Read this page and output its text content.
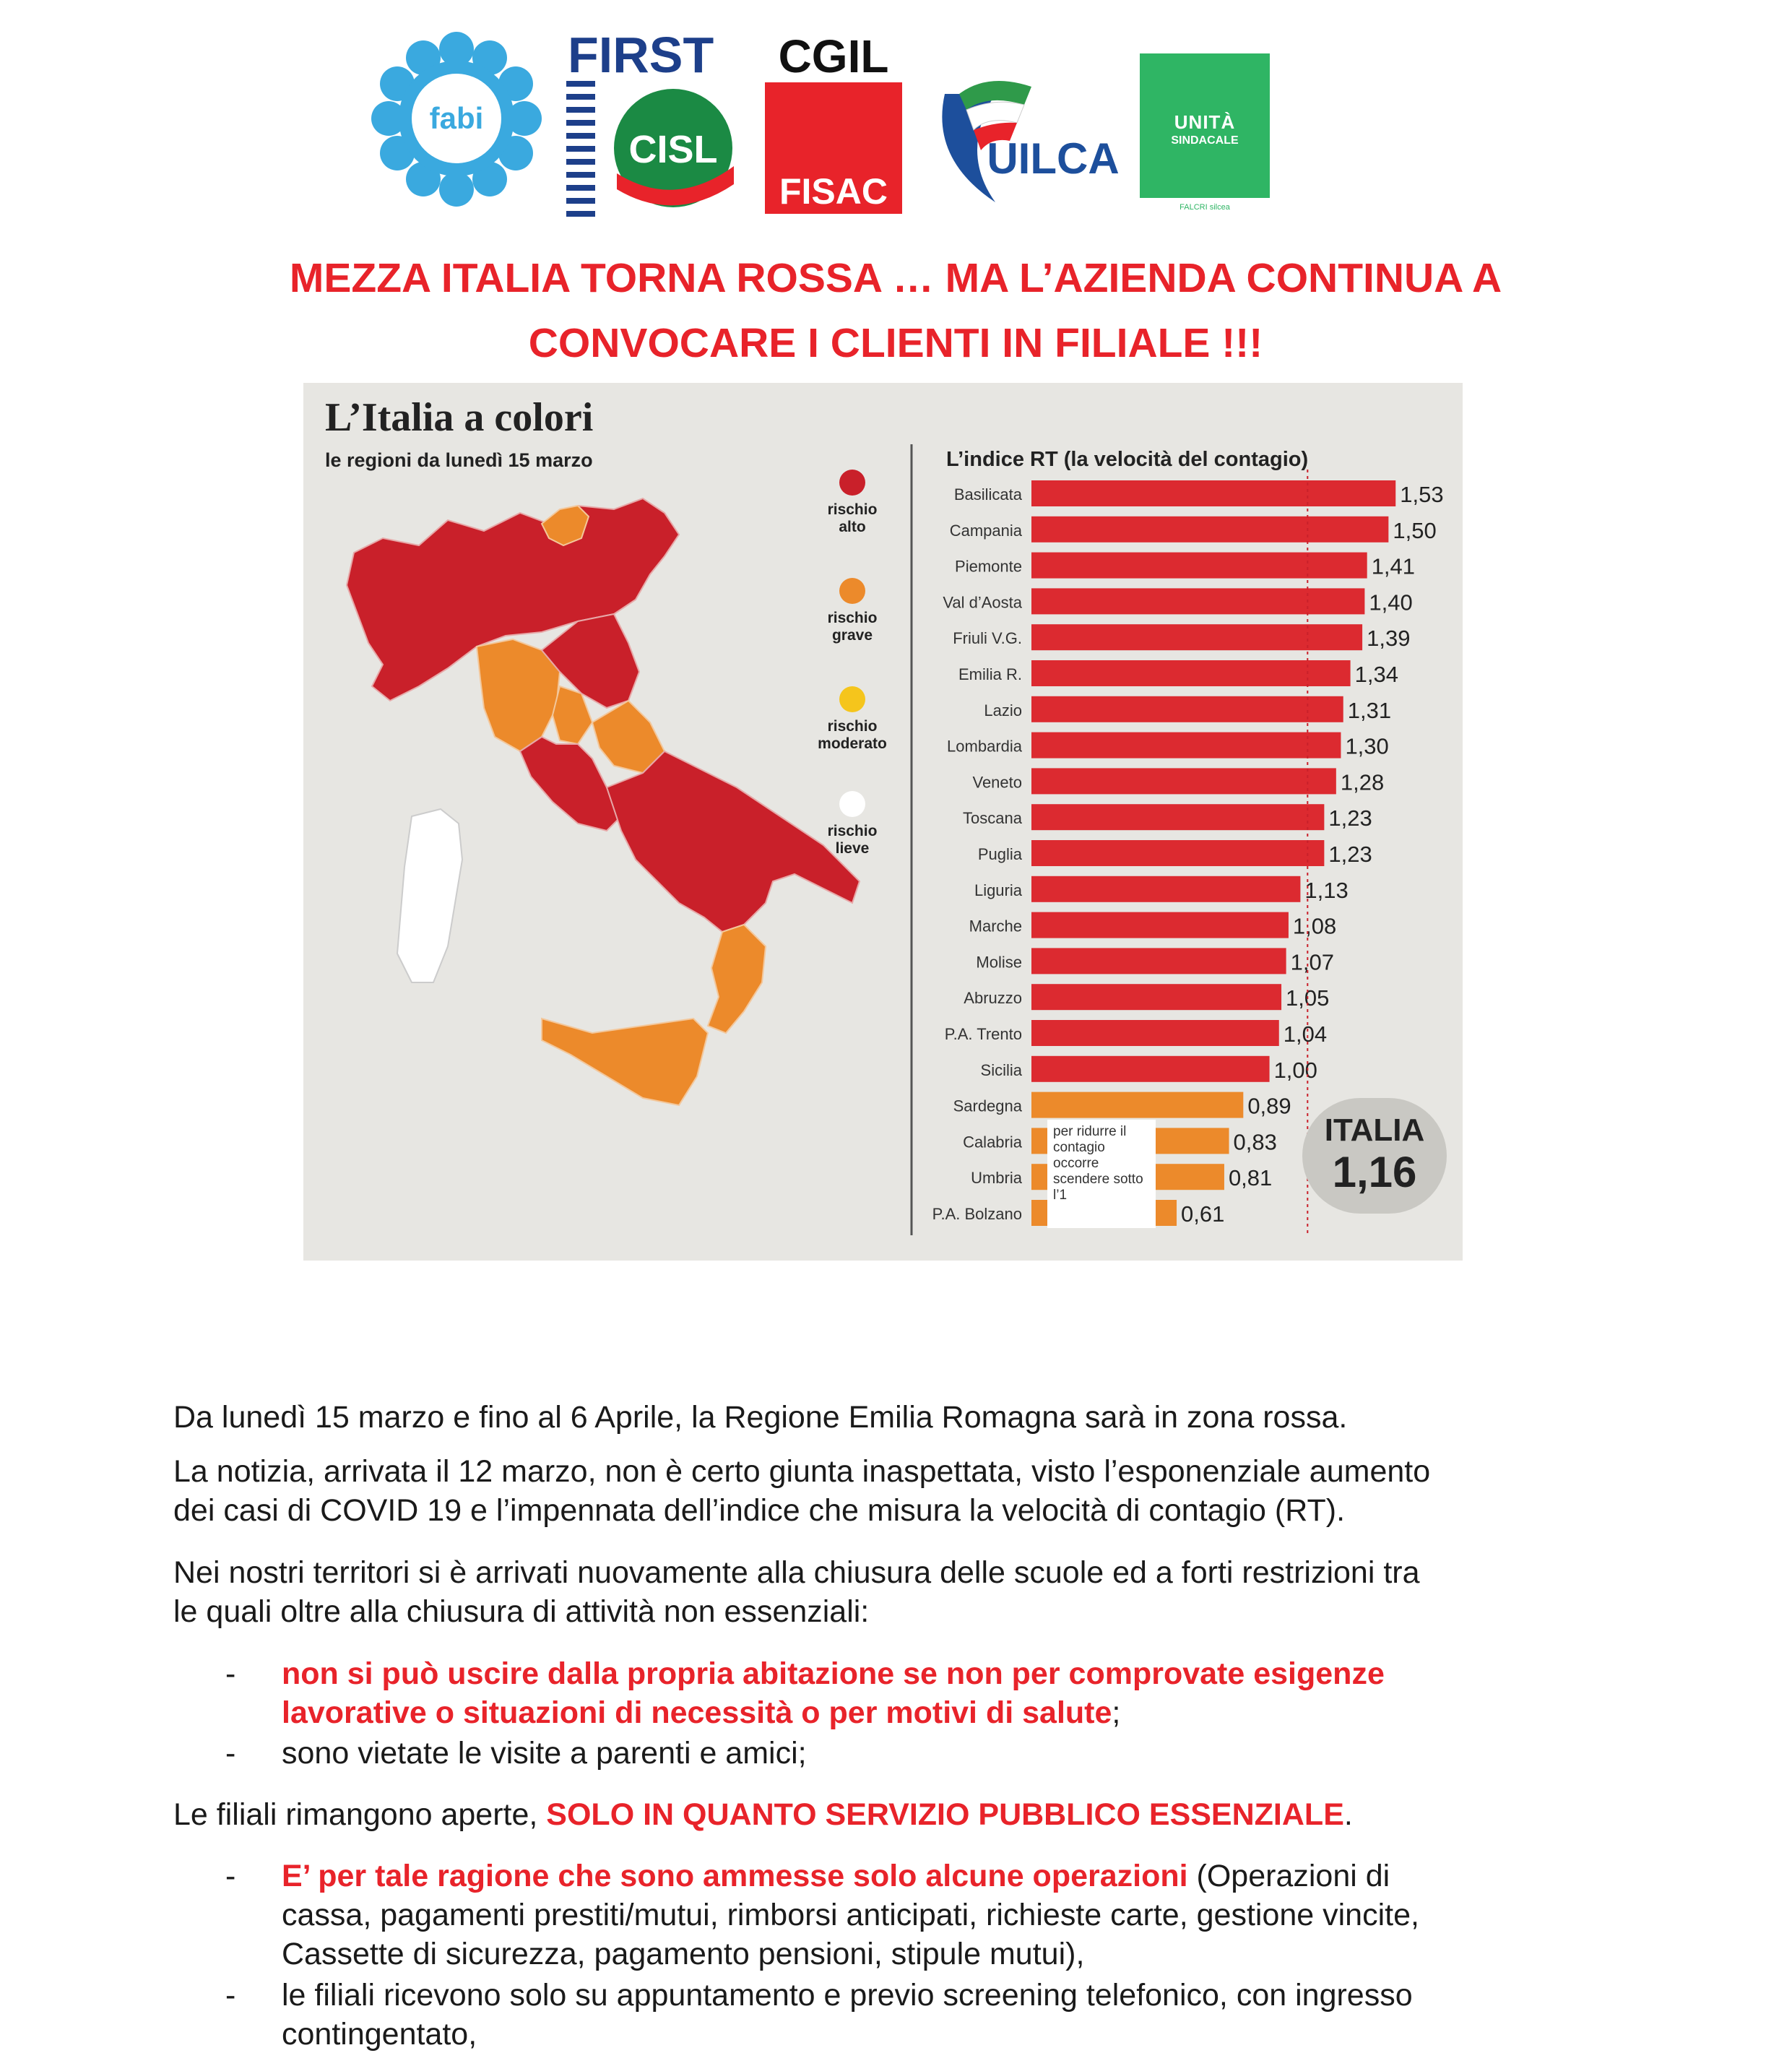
fabi
FIRST
CISL
CGIL
FISAC
UILCA
UNITÀ
SINDACALE
FALCRI silcea
MEZZA ITALIA TORNA ROSSA … MA L’AZIENDA CONTINUA A
CONVOCARE I CLIENTI IN FILIALE !!!
L’Italia a colori
le regioni da lunedì 15 marzo
rischio
alto
rischio
grave
rischio
moderato
rischio
lieve
L’indice RT (la velocità del contagio)
Basilicata	1,53
Campania	1,50
Piemonte	1,41
Val d’Aosta	1,40
Friuli V.G.	1,39
Emilia R.	1,34
Lazio	1,31
Lombardia	1,30
Veneto	1,28
Toscana	1,23
Puglia	1,23
Liguria	1,13
Marche	1,08
Molise	1,07
Abruzzo	1,05
P.A. Trento	1,04
Sicilia	1,00
Sardegna	0,89
Calabria	0,83
Umbria	0,81
P.A. Bolzano	0,61
per ridurre il contagio occorre scendere sotto l’1
ITALIA
1,16
Da lunedì 15 marzo e fino al 6 Aprile, la Regione Emilia Romagna sarà in zona rossa.
La notizia, arrivata il 12 marzo, non è certo giunta inaspettata, visto l’esponenziale aumento
dei casi di COVID 19 e l’impennata dell’indice che misura la velocità di contagio (RT).
Nei nostri territori si è arrivati nuovamente alla chiusura delle scuole ed a forti restrizioni tra
le quali oltre alla chiusura di attività non essenziali:
- non si può uscire dalla propria abitazione se non per comprovate esigenze
lavorative o situazioni di necessità o per motivi di salute;
- sono vietate le visite a parenti e amici;
Le filiali rimangono aperte, SOLO IN QUANTO SERVIZIO PUBBLICO ESSENZIALE.
- E’ per tale ragione che sono ammesse solo alcune operazioni (Operazioni di
cassa, pagamenti prestiti/mutui, rimborsi anticipati, richieste carte, gestione vincite,
Cassette di sicurezza, pagamento pensioni, stipule mutui),
- le filiali ricevono solo su appuntamento e previo screening telefonico, con ingresso
contingentato,
